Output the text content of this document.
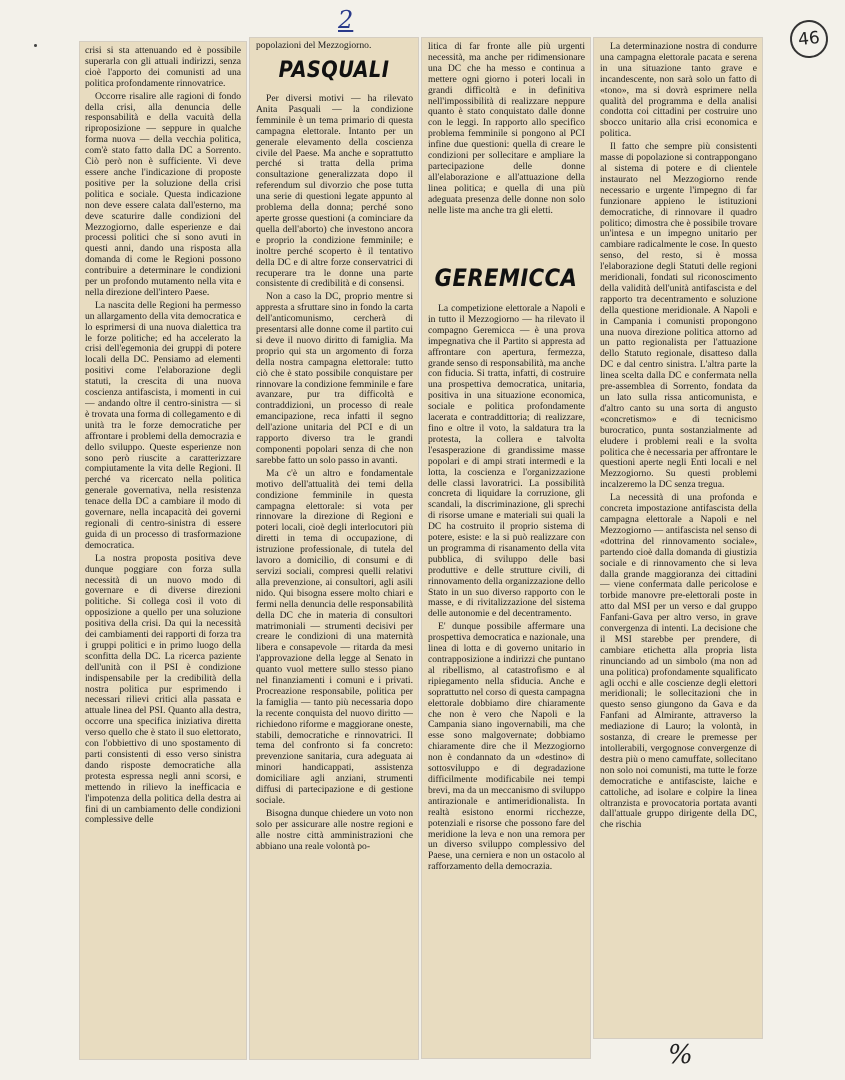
2
46

crisi si sta attenuando ed è possibile superarla con gli attuali indirizzi, senza cioè l'apporto dei comunisti ad una politica profondamente rinnovatrice.

Occorre risalire alle ragioni di fondo della crisi, alla denuncia delle responsabilità e della vacuità della riproposizione — seppure in qualche forma nuova — della vecchia politica, com'è stato fatto dalla DC a Sorrento. Ciò però non è sufficiente. Vi deve essere anche l'indicazione di proposte positive per la soluzione della crisi politica e sociale. Questa indicazione non deve essere calata dall'esterno, ma deve scaturire dalle condizioni del Mezzogiorno, dalle esperienze e dai processi politici che si sono avuti in questi anni, dando una risposta alla domanda di come le Regioni possono contribuire a determinare le condizioni per un profondo mutamento nella vita e nella direzione dell'intero Paese.

La nascita delle Regioni ha permesso un allargamento della vita democratica e lo esprimersi di una nuova dialettica tra le forze politiche; ed ha accelerato la crisi dell'egemonia dei gruppi di potere locali della DC. Pensiamo ad elementi positivi come l'elaborazione degli statuti, la crescita di una nuova coscienza antifascista, i momenti in cui — andando oltre il centro-sinistra — si è trovata una forma di collegamento e di unità tra le forze democratiche per affrontare i problemi della democrazia e dello sviluppo. Queste esperienze non sono però riuscite a caratterizzare compiutamente la vita delle Regioni. Il perché va ricercato nella politica generale governativa, nella resistenza tenace della DC a cambiare il modo di governare, nella incapacità dei governi regionali di centro-sinistra di essere guida di un processo di trasformazione democratica.

La nostra proposta positiva deve dunque poggiare con forza sulla necessità di un nuovo modo di governare e di diverse direzioni politiche. Si collega così il voto di opposizione a quello per una soluzione positiva della crisi. Da qui la necessità dei cambiamenti dei rapporti di forza tra i gruppi politici e in primo luogo della sconfitta della DC. La ricerca paziente dell'unità con il PSI è condizione indispensabile per la credibilità della nostra politica pur esprimendo i necessari rilievi critici alla passata e attuale linea del PSI. Quanto alla destra, occorre una specifica iniziativa diretta verso quello che è stato il suo elettorato, con l'obbiettivo di uno spostamento di parti consistenti di esso verso sinistra dando risposte democratiche alla protesta espressa negli anni scorsi, e mettendo in rilievo la inefficacia e l'impotenza della politica della destra ai fini di un cambiamento delle condizioni complessive delle

popolazioni del Mezzogiorno.
PASQUALI

Per diversi motivi — ha rilevato Anita Pasquali — la condizione femminile è un tema primario di questa campagna elettorale. Intanto per un generale elevamento della coscienza civile del Paese. Ma anche e soprattutto perché si tratta della prima consultazione generalizzata dopo il referendum sul divorzio che pose tutta una serie di questioni legate appunto al problema della donna; perché sono aperte grosse questioni (a cominciare da quella dell'aborto) che investono ancora e proprio la condizione femminile; e inoltre perché scoperto è il tentativo della DC e di altre forze conservatrici di recuperare tra le donne una parte consistente di credibilità e di consensi.

Non a caso la DC, proprio mentre si appresta a sfruttare sino in fondo la carta dell'anticomunismo, cercherà di presentarsi alle donne come il partito cui si deve il nuovo diritto di famiglia. Ma proprio qui sta un argomento di forza della nostra campagna elettorale: tutto ciò che è stato possibile conquistare per rinnovare la condizione femminile e fare avanzare, pur tra difficoltà e contraddizioni, un processo di reale emancipazione, reca infatti il segno dell'azione unitaria del PCI e di un rapporto diverso tra le grandi componenti popolari senza di che non sarebbe fatto un solo passo in avanti.

Ma c'è un altro e fondamentale motivo dell'attualità dei temi della condizione femminile in questa campagna elettorale: si vota per rinnovare la direzione di Regioni e poteri locali, cioè degli interlocutori più diretti in tema di occupazione, di istruzione professionale, di tutela del lavoro a domicilio, di consumi e di servizi sociali, compresi quelli relativi alla prevenzione, ai consultori, agli asili nido. Qui bisogna essere molto chiari e fermi nella denuncia delle responsabilità della DC che in materia di consultori matrimoniali — strumenti decisivi per creare le condizioni di una maternità libera e consapevole — ritarda da mesi l'approvazione della legge al Senato in quanto vuol mettere sullo stesso piano nel finanziamenti i comuni e i privati. Procreazione responsabile, politica per la famiglia — tanto più necessaria dopo la recente conquista del nuovo diritto — richiedono riforme e maggiorane oneste, stabili, democratiche e rinnovatrici. Il tema del confronto si fa concreto: prevenzione sanitaria, cura adeguata ai minori handicappati, assistenza domiciliare agli anziani, strumenti diffusi di partecipazione e di gestione sociale.

Bisogna dunque chiedere un voto non solo per assicurare alle nostre regioni e alle nostre città amministrazioni che abbiano una reale volontà po-

litica di far fronte alle più urgenti necessità, ma anche per ridimensionare una DC che ha messo e continua a mettere ogni giorno i poteri locali in grandi difficoltà e in definitiva nell'impossibilità di realizzare neppure quanto è stato conquistato dalle donne con le leggi. In rapporto allo specifico problema femminile si pongono al PCI infine due questioni: quella di creare le condizioni per sollecitare e ampliare la partecipazione delle donne all'elaborazione e all'attuazione della linea politica; e quella di una più adeguata presenza delle donne non solo nelle liste ma anche tra gli eletti.

GEREMICCA

La competizione elettorale a Napoli e in tutto il Mezzogiorno — ha rilevato il compagno Geremicca — è una prova impegnativa che il Partito si appresta ad affrontare con apertura, fermezza, grande senso di responsabilità, ma anche con fiducia. Si tratta, infatti, di costruire una prospettiva democratica, unitaria, positiva in una situazione economica, sociale e politica profondamente lacerata e contraddittoria; di realizzare, fino e oltre il voto, la saldatura tra la protesta, la collera e talvolta l'esasperazione di grandissime masse popolari e di ampi strati intermedi e la lotta, la coscienza e l'organizzazione delle classi lavoratrici. La possibilità concreta di liquidare la corruzione, gli scandali, la discriminazione, gli sprechi di risorse umane e materiali sui quali la DC ha costruito il proprio sistema di potere, esiste: e la si può realizzare con un programma di risanamento della vita pubblica, di sviluppo delle basi produttive e delle strutture civili, di rinnovamento della organizzazione dello Stato in un suo diverso rapporto con le masse, e di rivitalizzazione del sistema delle autonomie e del decentramento.

E' dunque possibile affermare una prospettiva democratica e nazionale, una linea di lotta e di governo unitario in contrapposizione a indirizzi che puntano al ribellismo, al catastrofismo e al ripiegamento nella sfiducia. Anche e soprattutto nel corso di questa campagna elettorale dobbiamo dire chiaramente che non è vero che Napoli e la Campania siano ingovernabili, ma che esse sono malgovernate; dobbiamo chiaramente dire che il Mezzogiorno non è condannato da un «destino» di sottosviluppo e di degradazione difficilmente modificabile nei tempi brevi, ma da un meccanismo di sviluppo antirazionale e antimeridionalista. In realtà esistono enormi ricchezze, potenziali e risorse che possono fare del meridione la leva e non una remora per un diverso sviluppo complessivo del Paese, una cerniera e non un ostacolo al rafforzamento della democrazia.

La determinazione nostra di condurre una campagna elettorale pacata e serena in una situazione tanto grave e incandescente, non sarà solo un fatto di «tono», ma si dovrà esprimere nella qualità del programma e della analisi condotta coi cittadini per costruire uno sbocco unitario alla crisi economica e politica.

Il fatto che sempre più consistenti masse di popolazione si contrappongano al sistema di potere e di clientele instaurato nel Mezzogiorno rende necessario e urgente l'impegno di far funzionare appieno le istituzioni democratiche, di rinnovare il quadro politico; dimostra che è possibile trovare un'intesa e un impegno unitario per cambiare radicalmente le cose. In questo senso, del resto, si è mossa l'elaborazione degli Statuti delle regioni meridionali, fondati sul riconoscimento della validità dell'unità antifascista e del rapporto tra decentramento e soluzione della questione meridionale. A Napoli e in Campania i comunisti propongono una nuova direzione politica attorno ad un patto regionalista per l'attuazione dello Statuto regionale, disatteso dalla DC e dal centro sinistra. L'altra parte la linea scelta dalla DC e confermata nella pre-assemblea di Sorrento, fondata da un lato sulla rissa anticomunista, e d'altro canto su una sorta di angusto «concretismo» e di tecnicismo burocratico, punta sostanzialmente ad eludere i problemi reali e la svolta politica che è necessaria per affrontare le questioni aperte negli Enti locali e nel Mezzogiorno. Su questi problemi incalzeremo la DC senza tregua.

La necessità di una profonda e concreta impostazione antifascista della campagna elettorale a Napoli e nel Mezzogiorno — antifascista nel senso di «dottrina del rinnovamento sociale», partendo cioè dalla domanda di giustizia sociale e di rinnovamento che si leva dalla grande maggioranza dei cittadini — viene confermata dalle pericolose e torbide manovre pre-elettorali poste in atto dal MSI per un verso e dal gruppo Fanfani-Gava per altro verso, in grave convergenza di intenti. La decisione che il MSI starebbe per prendere, di cambiare etichetta alla propria lista rinunciando ad un simbolo (ma non ad una politica) profondamente squalificato agli occhi e alle coscienze degli elettori meridionali; le sollecitazioni che in questo senso giungono da Gava e da Fanfani ad Almirante, attraverso la mediazione di Lauro; la volontà, in sostanza, di creare le premesse per intollerabili, vergognose convergenze di destra più o meno camuffate, sollecitano non solo noi comunisti, ma tutte le forze democratiche e antifasciste, laiche e cattoliche, ad isolare e colpire la linea oltranzista e provocatoria portata avanti dall'attuale gruppo dirigente della DC, che rischia

%
